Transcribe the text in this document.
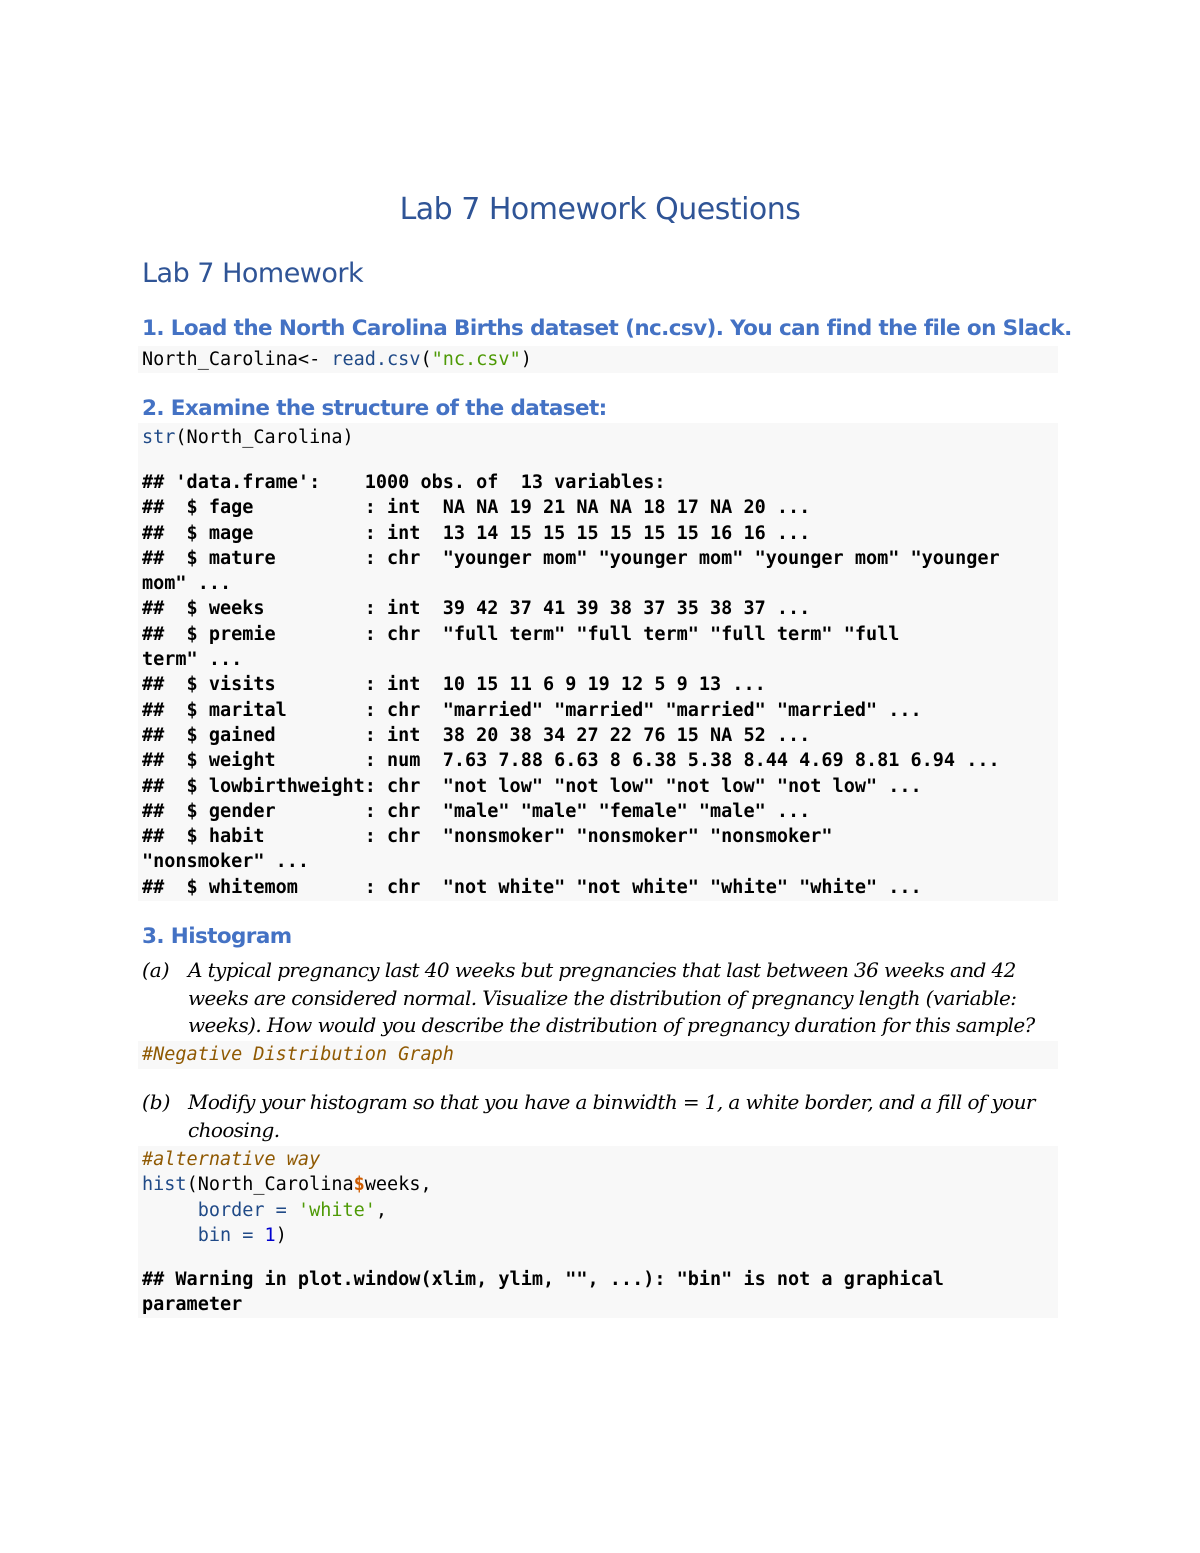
Lab 7 Homework Questions
Lab 7 Homework
1. Load the North Carolina Births dataset (nc.csv). You can find the file on Slack.
North_Carolina<- read.csv("nc.csv")
2. Examine the structure of the dataset:
str(North_Carolina)
## 'data.frame':    1000 obs. of  13 variables:
##  $ fage          : int  NA NA 19 21 NA NA 18 17 NA 20 ...
##  $ mage          : int  13 14 15 15 15 15 15 15 16 16 ...
##  $ mature        : chr  "younger mom" "younger mom" "younger mom" "younger
mom" ...
##  $ weeks         : int  39 42 37 41 39 38 37 35 38 37 ...
##  $ premie        : chr  "full term" "full term" "full term" "full
term" ...
##  $ visits        : int  10 15 11 6 9 19 12 5 9 13 ...
##  $ marital       : chr  "married" "married" "married" "married" ...
##  $ gained        : int  38 20 38 34 27 22 76 15 NA 52 ...
##  $ weight        : num  7.63 7.88 6.63 8 6.38 5.38 8.44 4.69 8.81 6.94 ...
##  $ lowbirthweight: chr  "not low" "not low" "not low" "not low" ...
##  $ gender        : chr  "male" "male" "female" "male" ...
##  $ habit         : chr  "nonsmoker" "nonsmoker" "nonsmoker"
"nonsmoker" ...
##  $ whitemom      : chr  "not white" "not white" "white" "white" ...
3. Histogram
(a) A typical pregnancy last 40 weeks but pregnancies that last between 36 weeks and 42
weeks are considered normal. Visualize the distribution of pregnancy length (variable:
weeks). How would you describe the distribution of pregnancy duration for this sample?

#Negative Distribution Graph
(b) Modify your histogram so that you have a binwidth = 1, a white border, and a fill of your
choosing.

#alternative way
hist(North_Carolina$weeks,
border = 'white',
bin = 1)
## Warning in plot.window(xlim, ylim, "", ...): "bin" is not a graphical
parameter
